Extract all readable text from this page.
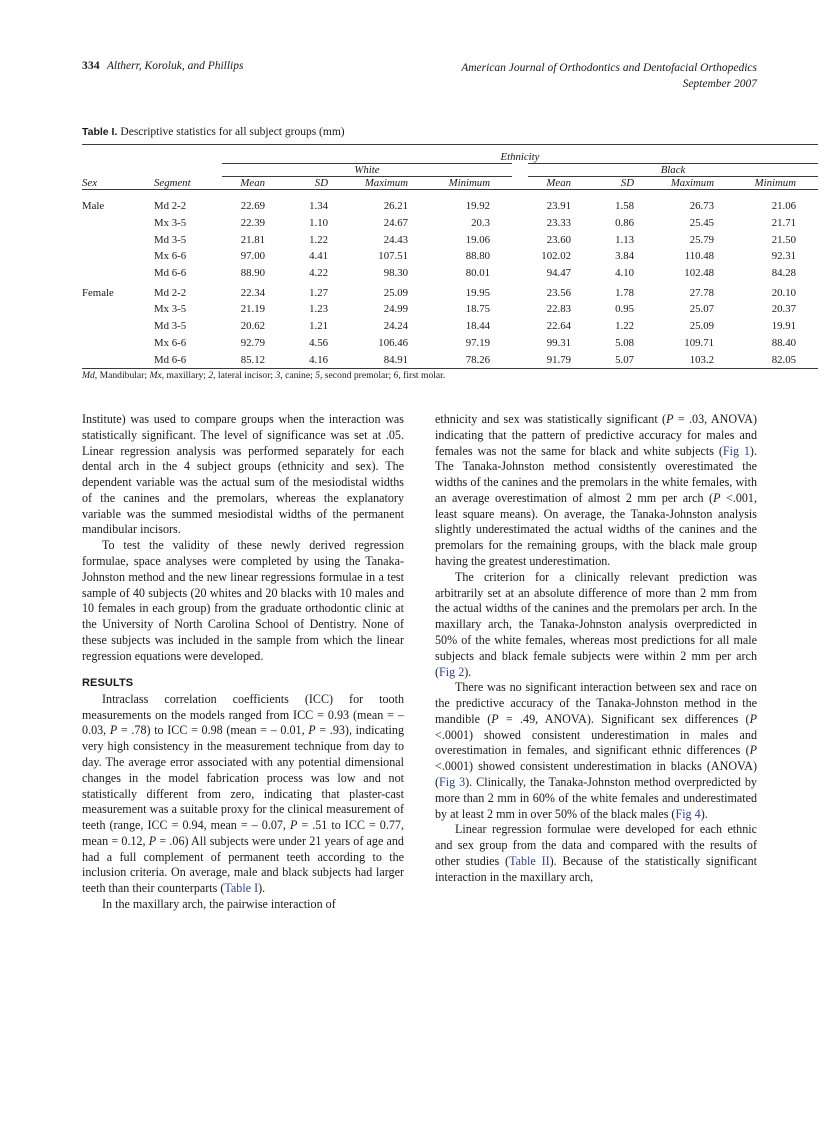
334 Altherr, Koroluk, and Phillips	American Journal of Orthodontics and Dentofacial Orthopedics
September 2007
Table I. Descriptive statistics for all subject groups (mm)

		Ethnicity								
		White					Black			
Sex	Segment	Mean	SD	Maximum	Minimum		Mean	SD	Maximum	Minimum

Male	Md 2-2	22.69	1.34	26.21	19.92		23.91	1.58	26.73	21.06
	Mx 3-5	22.39	1.10	24.67	20.3		23.33	0.86	25.45	21.71
	Md 3-5	21.81	1.22	24.43	19.06		23.60	1.13	25.79	21.50
	Mx 6-6	97.00	4.41	107.51	88.80		102.02	3.84	110.48	92.31
	Md 6-6	88.90	4.22	98.30	80.01		94.47	4.10	102.48	84.28
Female	Md 2-2	22.34	1.27	25.09	19.95		23.56	1.78	27.78	20.10
	Mx 3-5	21.19	1.23	24.99	18.75		22.83	0.95	25.07	20.37
	Md 3-5	20.62	1.21	24.24	18.44		22.64	1.22	25.09	19.91
	Mx 6-6	92.79	4.56	106.46	97.19		99.31	5.08	109.71	88.40
	Md 6-6	85.12	4.16	84.91	78.26		91.79	5.07	103.2	82.05

Md, Mandibular; Mx, maxillary; 2, lateral incisor; 3, canine; 5, second premolar; 6, first molar.										

Institute) was used to compare groups when the interaction was statistically significant. The level of significance was set at .05. Linear regression analysis was performed separately for each dental arch in the 4 subject groups (ethnicity and sex). The dependent variable was the actual sum of the mesiodistal widths of the canines and the premolars, whereas the explanatory variable was the summed mesiodistal widths of the permanent mandibular incisors.

To test the validity of these newly derived regression formulae, space analyses were completed by using the Tanaka-Johnston method and the new linear regressions formulae in a test sample of 40 subjects (20 whites and 20 blacks with 10 males and 10 females in each group) from the graduate orthodontic clinic at the University of North Carolina School of Dentistry. None of these subjects was included in the sample from which the linear regression equations were developed.

RESULTS

Intraclass correlation coefficients (ICC) for tooth measurements on the models ranged from ICC = 0.93 (mean = – 0.03, P = .78) to ICC = 0.98 (mean = – 0.01, P = .93), indicating very high consistency in the measurement technique from day to day. The average error associated with any potential dimensional changes in the model fabrication process was low and not statistically different from zero, indicating that plaster-cast measurement was a suitable proxy for the clinical measurement of teeth (range, ICC = 0.94, mean = – 0.07, P = .51 to ICC = 0.77, mean = 0.12, P = .06) All subjects were under 21 years of age and had a full complement of permanent teeth according to the inclusion criteria. On average, male and black subjects had larger teeth than their counterparts (Table I).

In the maxillary arch, the pairwise interaction of

ethnicity and sex was statistically significant (P = .03, ANOVA) indicating that the pattern of predictive accuracy for males and females was not the same for black and white subjects (Fig 1). The Tanaka-Johnston method consistently overestimated the widths of the canines and the premolars in the white females, with an average overestimation of almost 2 mm per arch (P <.001, least square means). On average, the Tanaka-Johnston analysis slightly underestimated the actual widths of the canines and the premolars for the remaining groups, with the black male group having the greatest underestimation.

The criterion for a clinically relevant prediction was arbitrarily set at an absolute difference of more than 2 mm from the actual widths of the canines and the premolars per arch. In the maxillary arch, the Tanaka-Johnston analysis overpredicted in 50% of the white females, whereas most predictions for all male subjects and black female subjects were within 2 mm per arch (Fig 2).

There was no significant interaction between sex and race on the predictive accuracy of the Tanaka-Johnston method in the mandible (P = .49, ANOVA). Significant sex differences (P <.0001) showed consistent underestimation in males and overestimation in females, and significant ethnic differences (P <.0001) showed consistent underestimation in blacks (ANOVA) (Fig 3). Clinically, the Tanaka-Johnston method overpredicted by more than 2 mm in 60% of the white females and underestimated by at least 2 mm in over 50% of the black males (Fig 4).

Linear regression formulae were developed for each ethnic and sex group from the data and compared with the results of other studies (Table II). Because of the statistically significant interaction in the maxillary arch,
